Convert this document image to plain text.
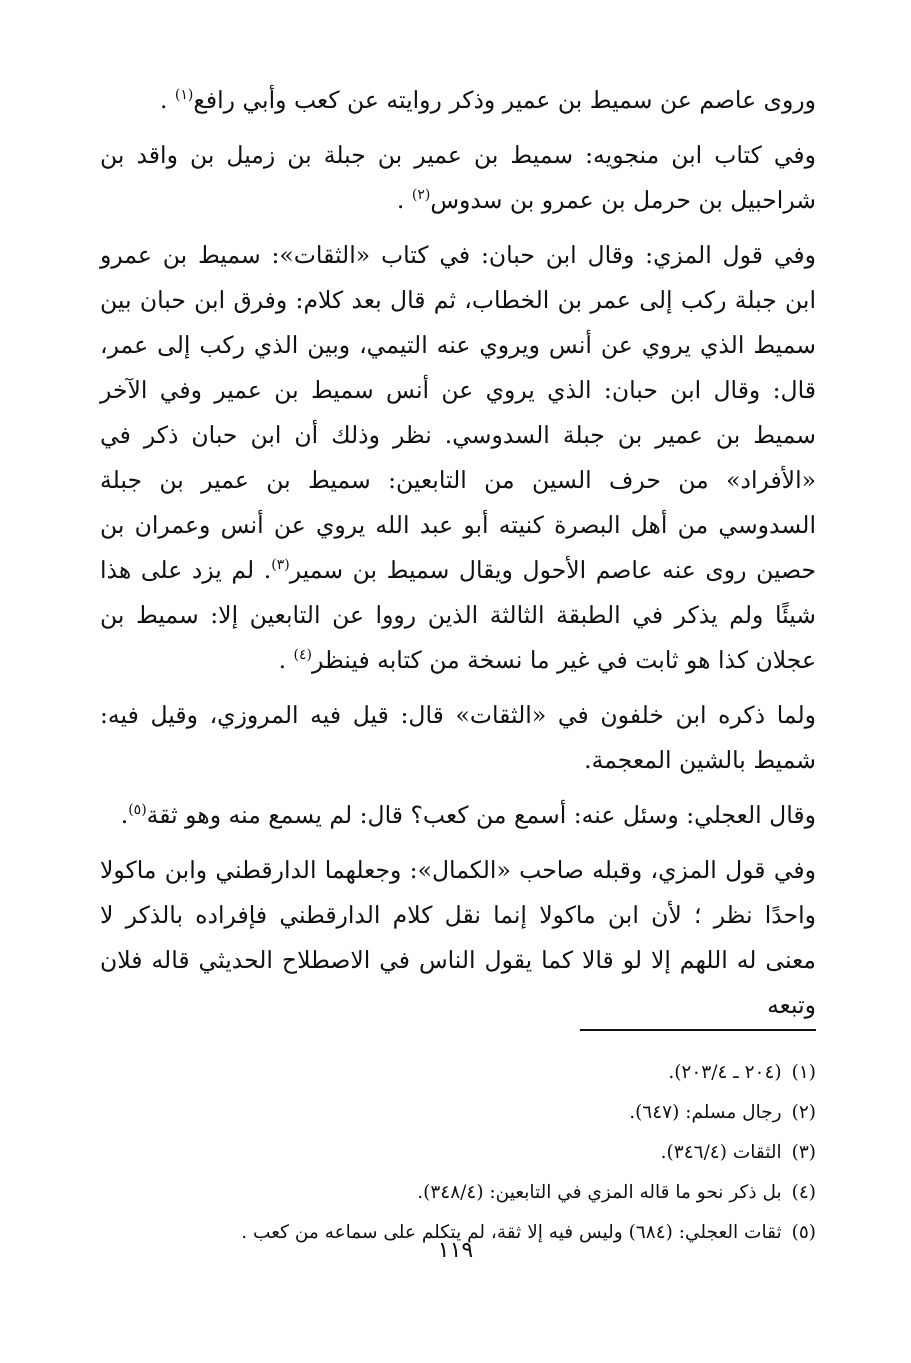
وروى عاصم عن سميط بن عمير وذكر روايته عن كعب وأبي رافع$^{(١)}$ .

وفي كتاب ابن منجويه: سميط بن عمير بن جبلة بن زميل بن واقد بن شراحبيل بن حرمل بن عمرو بن سدوس$^{(٢)}$ .

وفي قول المزي: وقال ابن حبان: في كتاب «الثقات»: سميط بن عمرو ابن جبلة ركب إلى عمر بن الخطاب، ثم قال بعد كلام: وفرق ابن حبان بين سميط الذي يروي عن أنس ويروي عنه التيمي، وبين الذي ركب إلى عمر، قال: وقال ابن حبان: الذي يروي عن أنس سميط بن عمير وفي الآخر سميط بن عمير بن جبلة السدوسي. نظر وذلك أن ابن حبان ذكر في «الأفراد» من حرف السين من التابعين: سميط بن عمير بن جبلة السدوسي من أهل البصرة كنيته أبو عبد الله يروي عن أنس وعمران بن حصين روى عنه عاصم الأحول ويقال سميط بن سمير$^{(٣)}$. لم يزد على هذا شيئًا ولم يذكر في الطبقة الثالثة الذين رووا عن التابعين إلا: سميط بن عجلان كذا هو ثابت في غير ما نسخة من كتابه فينظر$^{(٤)}$ .

ولما ذكره ابن خلفون في «الثقات» قال: قيل فيه المروزي، وقيل فيه: شميط بالشين المعجمة.

وقال العجلي: وسئل عنه: أسمع من كعب؟ قال: لم يسمع منه وهو ثقة$^{(٥)}$.

وفي قول المزي، وقبله صاحب «الكمال»: وجعلهما الدارقطني وابن ماكولا واحدًا نظر ؛ لأن ابن ماكولا إنما نقل كلام الدارقطني فإفراده بالذكر لا معنى له اللهم إلا لو قالا كما يقول الناس في الاصطلاح الحديثي قاله فلان وتبعه

(١)(٢٠٤ ـ ٢٠٣/٤).
(٢)رجال مسلم: (٦٤٧).
(٣)الثقات (٣٤٦/٤).
(٤)بل ذكر نحو ما قاله المزي في التابعين: (٣٤٨/٤).
(٥)ثقات العجلي: (٦٨٤) وليس فيه إلا ثقة، لم يتكلم على سماعه من كعب .
١١٩
